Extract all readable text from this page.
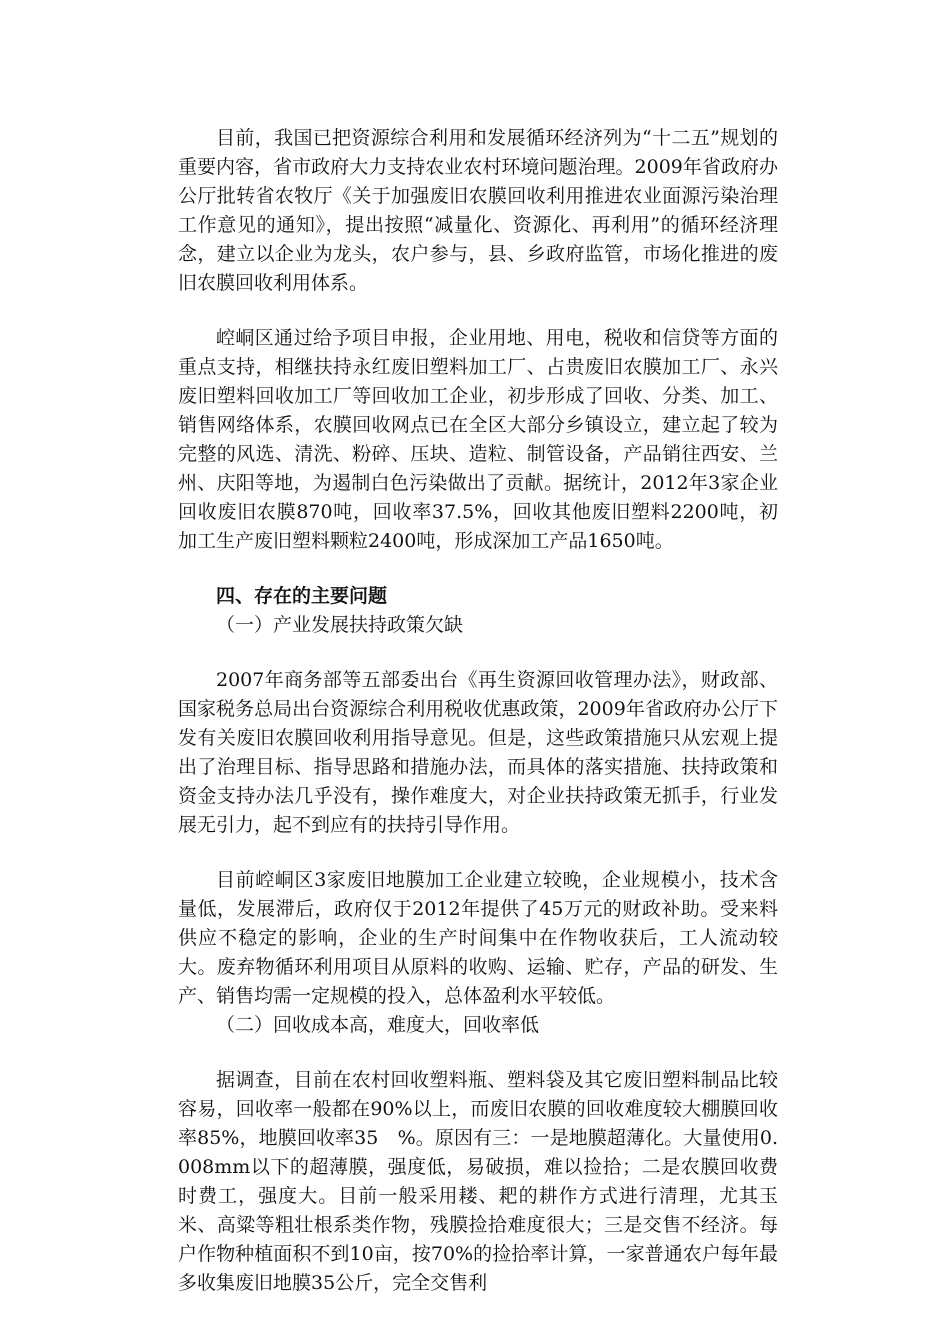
目前，我国已把资源综合利用和发展循环经济列为“十二五”规划的重要内容，省市政府大力支持农业农村环境问题治理。2009年省政府办公厅批转省农牧厅《关于加强废旧农膜回收利用推进农业面源污染治理工作意见的通知》，提出按照“减量化、资源化、再利用”的循环经济理念，建立以企业为龙头，农户参与，县、乡政府监管，市场化推进的废旧农膜回收利用体系。

崆峒区通过给予项目申报，企业用地、用电，税收和信贷等方面的重点支持，相继扶持永红废旧塑料加工厂、占贵废旧农膜加工厂、永兴废旧塑料回收加工厂等回收加工企业，初步形成了回收、分类、加工、销售网络体系，农膜回收网点已在全区大部分乡镇设立，建立起了较为完整的风选、清洗、粉碎、压块、造粒、制管设备，产品销往西安、兰州、庆阳等地，为遏制白色污染做出了贡献。据统计，2012年3家企业回收废旧农膜870吨，回收率37.5%，回收其他废旧塑料2200吨，初加工生产废旧塑料颗粒2400吨，形成深加工产品1650吨。

四、存在的主要问题

（一）产业发展扶持政策欠缺

2007年商务部等五部委出台《再生资源回收管理办法》，财政部、国家税务总局出台资源综合利用税收优惠政策，2009年省政府办公厅下发有关废旧农膜回收利用指导意见。但是，这些政策措施只从宏观上提出了治理目标、指导思路和措施办法，而具体的落实措施、扶持政策和资金支持办法几乎没有，操作难度大，对企业扶持政策无抓手，行业发展无引力，起不到应有的扶持引导作用。

目前崆峒区3家废旧地膜加工企业建立较晚，企业规模小，技术含量低，发展滞后，政府仅于2012年提供了45万元的财政补助。受来料供应不稳定的影响，企业的生产时间集中在作物收获后，工人流动较大。废弃物循环利用项目从原料的收购、运输、贮存，产品的研发、生产、销售均需一定规模的投入，总体盈利水平较低。

（二）回收成本高，难度大，回收率低

据调查，目前在农村回收塑料瓶、塑料袋及其它废旧塑料制品比较容易，回收率一般都在90%以上，而废旧农膜的回收难度较大棚膜回收率85%，地膜回收率35　%。原因有三：一是地膜超薄化。大量使用0.008mm以下的超薄膜，强度低，易破损，难以捡拾；二是农膜回收费时费工，强度大。目前一般采用耧、耙的耕作方式进行清理，尤其玉米、高粱等粗壮根系类作物，残膜捡拾难度很大；三是交售不经济。每户作物种植面积不到10亩，按70%的捡拾率计算，一家普通农户每年最多收集废旧地膜35公斤，完全交售利
